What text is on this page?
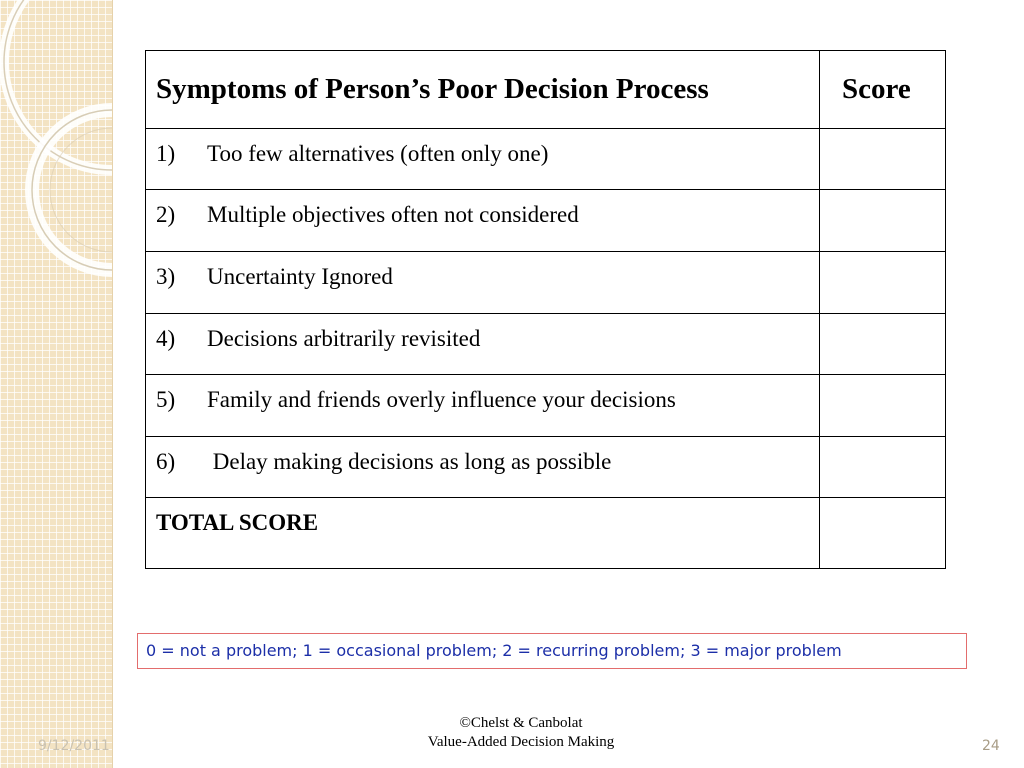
Symptoms of Person’s Poor Decision Process	Score
1) Too few alternatives (often only one)	
2) Multiple objectives often not considered	
3) Uncertainty Ignored	
4) Decisions arbitrarily revisited	
5) Family and friends overly influence your decisions	
6) Delay making decisions as long as possible	
TOTAL SCORE	
0 = not a problem; 1 = occasional problem; 2 = recurring problem; 3 = major problem
©Chelst & Canbolat
Value-Added Decision Making
9/12/2011	24
